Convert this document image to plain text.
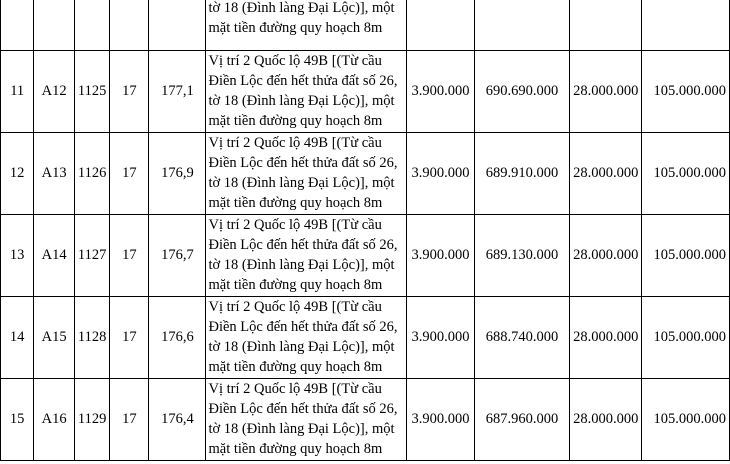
					tờ 18 (Đình làng Đại Lộc)], một
mặt tiền đường quy hoạch 8m				

11	A12	1125	17	177,1	Vị trí 2 Quốc lộ 49B [(Từ cầu
Điền Lộc đến hết thửa đất số 26,
tờ 18 (Đình làng Đại Lộc)], một
mặt tiền đường quy hoạch 8m	3.900.000	690.690.000	28.000.000	105.000.000
12	A13	1126	17	176,9	Vị trí 2 Quốc lộ 49B [(Từ cầu
Điền Lộc đến hết thửa đất số 26,
tờ 18 (Đình làng Đại Lộc)], một
mặt tiền đường quy hoạch 8m	3.900.000	689.910.000	28.000.000	105.000.000
13	A14	1127	17	176,7	Vị trí 2 Quốc lộ 49B [(Từ cầu
Điền Lộc đến hết thửa đất số 26,
tờ 18 (Đình làng Đại Lộc)], một
mặt tiền đường quy hoạch 8m	3.900.000	689.130.000	28.000.000	105.000.000
14	A15	1128	17	176,6	Vị trí 2 Quốc lộ 49B [(Từ cầu
Điền Lộc đến hết thửa đất số 26,
tờ 18 (Đình làng Đại Lộc)], một
mặt tiền đường quy hoạch 8m	3.900.000	688.740.000	28.000.000	105.000.000
15	A16	1129	17	176,4	Vị trí 2 Quốc lộ 49B [(Từ cầu
Điền Lộc đến hết thửa đất số 26,
tờ 18 (Đình làng Đại Lộc)], một
mặt tiền đường quy hoạch 8m	3.900.000	687.960.000	28.000.000	105.000.000
